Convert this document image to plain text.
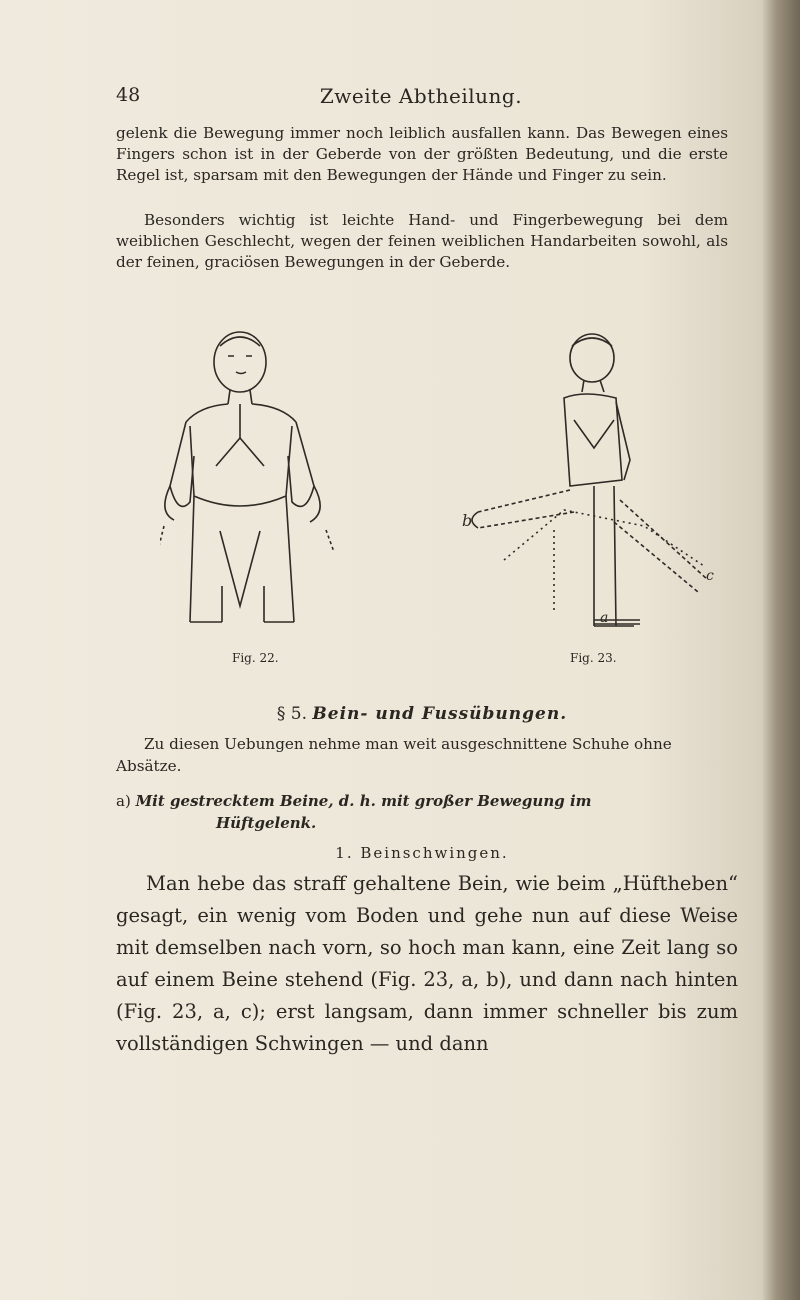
48	Zweite Abtheilung.
gelenk die Bewegung immer noch leiblich ausfallen kann. Das Bewegen eines Fingers schon ist in der Geberde von der größten Bedeutung, und die erste Regel ist, sparsam mit den Bewegungen der Hände und Finger zu sein.
Besonders wichtig ist leichte Hand- und Fingerbewegung bei dem weiblichen Geschlecht, wegen der feinen weiblichen Handarbeiten sowohl, als der feinen, graciösen Bewegungen in der Geberde.
b
c
a
Fig. 22.	Fig. 23.
§ 5. Bein- und Fussübungen.
Zu diesen Uebungen nehme man weit ausgeschnittene Schuhe ohne Absätze.
a) Mit gestrecktem Beine, d. h. mit großer Bewegung im
Hüftgelenk.
1. Beinschwingen.
Man hebe das straff gehaltene Bein, wie beim „Hüftheben“ gesagt, ein wenig vom Boden und gehe nun auf diese Weise mit demselben nach vorn, so hoch man kann, eine Zeit lang so auf einem Beine stehend (Fig. 23, a, b), und dann nach hinten (Fig. 23, a, c); erst langsam, dann immer schneller bis zum vollständigen Schwingen — und dann
